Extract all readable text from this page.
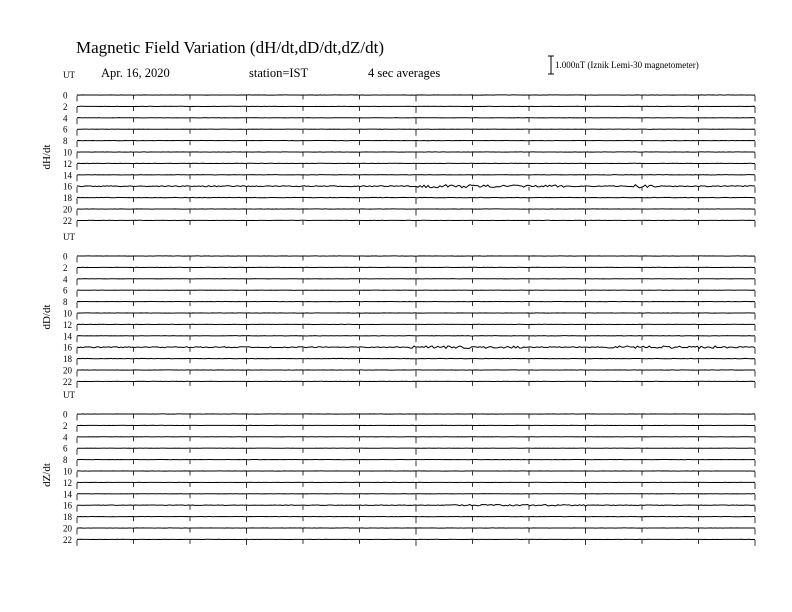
Magnetic Field Variation (dH/dt,dD/dt,dZ/dt)
Apr. 16, 2020	station=IST	4 sec averages
1.000nT (Iznik Lemi-30 magnetometer)
UT
dH/dt
0
2
4
6
8
10
12
14
16
18
20
22
UT
dD/dt
0
2
4
6
8
10
12
14
16
18
20
22
UT
dZ/dt
0
2
4
6
8
10
12
14
16
18
20
22
